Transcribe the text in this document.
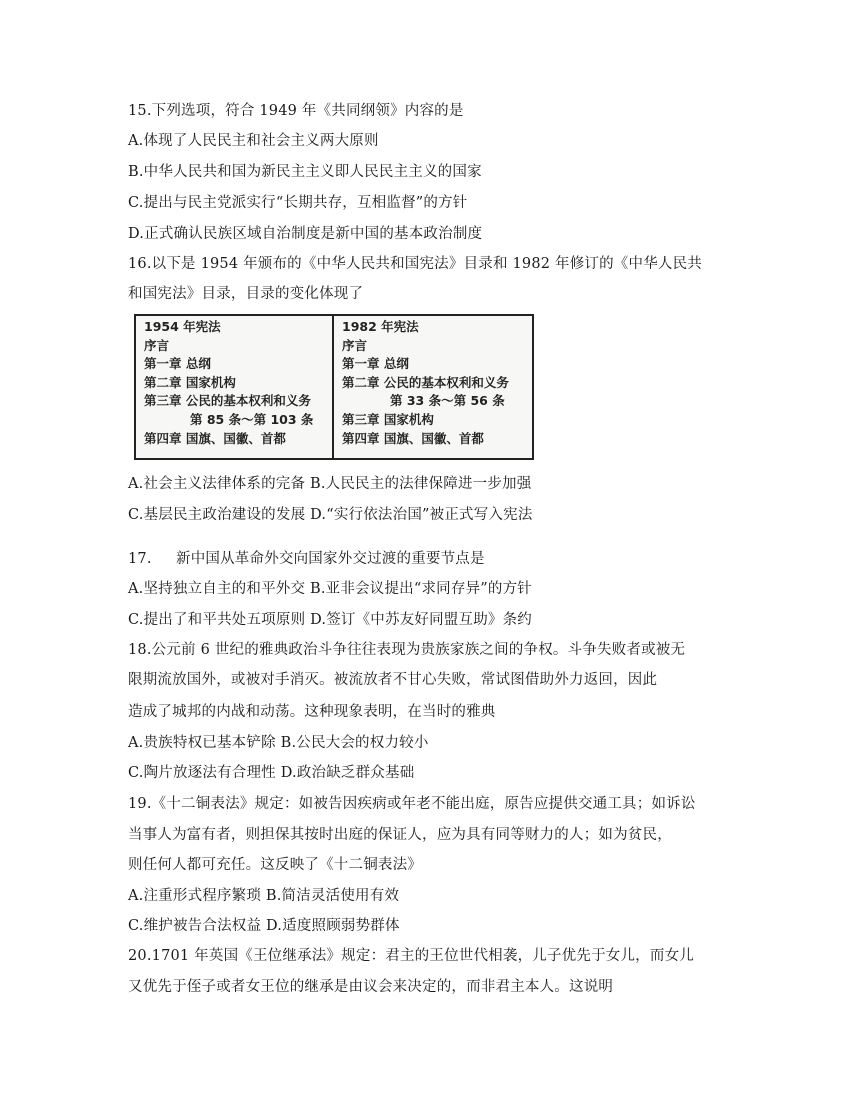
15.下列选项，符合 1949 年《共同纲领》内容的是
A.体现了人民民主和社会主义两大原则
B.中华人民共和国为新民主主义即人民民主主义的国家
C.提出与民主党派实行“长期共存，互相监督”的方针
D.正式确认民族区域自治制度是新中国的基本政治制度
16.以下是 1954 年颁布的《中华人民共和国宪法》目录和 1982 年修订的《中华人民共
和国宪法》目录，目录的变化体现了
1954 年宪法
序言
第一章 总纲
第二章 国家机构
第三章 公民的基本权利和义务
第 85 条～第 103 条
第四章 国旗、国徽、首都
1982 年宪法
序言
第一章 总纲
第二章 公民的基本权利和义务
第 33 条～第 56 条
第三章 国家机构
第四章 国旗、国徽、首都
A.社会主义法律体系的完备 B.人民民主的法律保障进一步加强
C.基层民主政治建设的发展 D.“实行依法治国”被正式写入宪法
17. 新中国从革命外交向国家外交过渡的重要节点是
A.坚持独立自主的和平外交 B.亚非会议提出“求同存异”的方针
C.提出了和平共处五项原则 D.签订《中苏友好同盟互助》条约
18.公元前 6 世纪的雅典政治斗争往往表现为贵族家族之间的争权。斗争失败者或被无
限期流放国外，或被对手消灭。被流放者不甘心失败，常试图借助外力返回，因此
造成了城邦的内战和动荡。这种现象表明，在当时的雅典
A.贵族特权已基本铲除 B.公民大会的权力较小
C.陶片放逐法有合理性 D.政治缺乏群众基础
19.《十二铜表法》规定：如被告因疾病或年老不能出庭，原告应提供交通工具；如诉讼
当事人为富有者，则担保其按时出庭的保证人，应为具有同等财力的人；如为贫民，
则任何人都可充任。这反映了《十二铜表法》
A.注重形式程序繁琐 B.简洁灵活使用有效
C.维护被告合法权益 D.适度照顾弱势群体
20.1701 年英国《王位继承法》规定：君主的王位世代相袭，儿子优先于女儿，而女儿
又优先于侄子或者女王位的继承是由议会来决定的，而非君主本人。这说明
